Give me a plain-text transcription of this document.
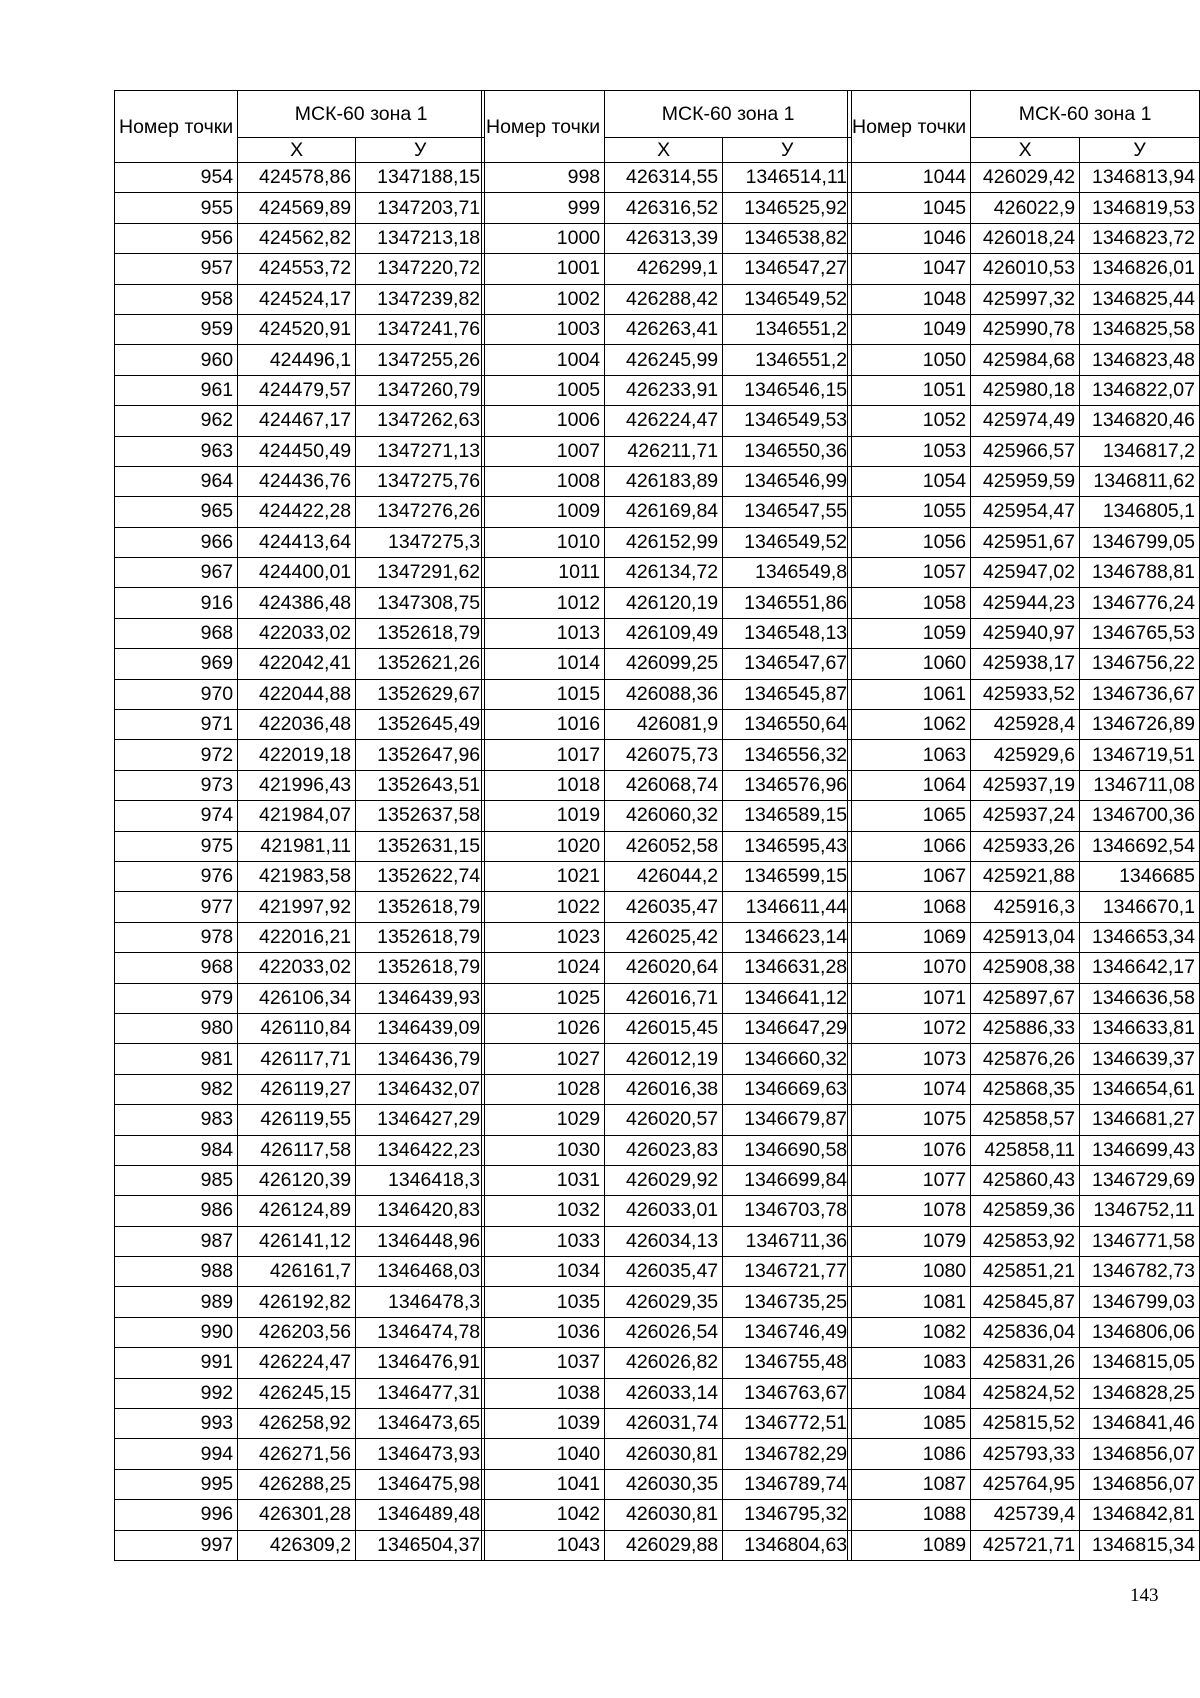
Номер точки	МСК-60 зона 1	
	Х	У
954	424578,86	1347188,15
955	424569,89	1347203,71
956	424562,82	1347213,18
957	424553,72	1347220,72
958	424524,17	1347239,82
959	424520,91	1347241,76
960	424496,1	1347255,26
961	424479,57	1347260,79
962	424467,17	1347262,63
963	424450,49	1347271,13
964	424436,76	1347275,76
965	424422,28	1347276,26
966	424413,64	1347275,3
967	424400,01	1347291,62
916	424386,48	1347308,75
968	422033,02	1352618,79
969	422042,41	1352621,26
970	422044,88	1352629,67
971	422036,48	1352645,49
972	422019,18	1352647,96
973	421996,43	1352643,51
974	421984,07	1352637,58
975	421981,11	1352631,15
976	421983,58	1352622,74
977	421997,92	1352618,79
978	422016,21	1352618,79
968	422033,02	1352618,79
979	426106,34	1346439,93
980	426110,84	1346439,09
981	426117,71	1346436,79
982	426119,27	1346432,07
983	426119,55	1346427,29
984	426117,58	1346422,23
985	426120,39	1346418,3
986	426124,89	1346420,83
987	426141,12	1346448,96
988	426161,7	1346468,03
989	426192,82	1346478,3
990	426203,56	1346474,78
991	426224,47	1346476,91
992	426245,15	1346477,31
993	426258,92	1346473,65
994	426271,56	1346473,93
995	426288,25	1346475,98
996	426301,28	1346489,48
997	426309,2	1346504,37
Номер точки	МСК-60 зона 1	
	Х	У
998	426314,55	1346514,11
999	426316,52	1346525,92
1000	426313,39	1346538,82
1001	426299,1	1346547,27
1002	426288,42	1346549,52
1003	426263,41	1346551,2
1004	426245,99	1346551,2
1005	426233,91	1346546,15
1006	426224,47	1346549,53
1007	426211,71	1346550,36
1008	426183,89	1346546,99
1009	426169,84	1346547,55
1010	426152,99	1346549,52
1011	426134,72	1346549,8
1012	426120,19	1346551,86
1013	426109,49	1346548,13
1014	426099,25	1346547,67
1015	426088,36	1346545,87
1016	426081,9	1346550,64
1017	426075,73	1346556,32
1018	426068,74	1346576,96
1019	426060,32	1346589,15
1020	426052,58	1346595,43
1021	426044,2	1346599,15
1022	426035,47	1346611,44
1023	426025,42	1346623,14
1024	426020,64	1346631,28
1025	426016,71	1346641,12
1026	426015,45	1346647,29
1027	426012,19	1346660,32
1028	426016,38	1346669,63
1029	426020,57	1346679,87
1030	426023,83	1346690,58
1031	426029,92	1346699,84
1032	426033,01	1346703,78
1033	426034,13	1346711,36
1034	426035,47	1346721,77
1035	426029,35	1346735,25
1036	426026,54	1346746,49
1037	426026,82	1346755,48
1038	426033,14	1346763,67
1039	426031,74	1346772,51
1040	426030,81	1346782,29
1041	426030,35	1346789,74
1042	426030,81	1346795,32
1043	426029,88	1346804,63
Номер точки	МСК-60 зона 1	
	Х	У
1044	426029,42	1346813,94
1045	426022,9	1346819,53
1046	426018,24	1346823,72
1047	426010,53	1346826,01
1048	425997,32	1346825,44
1049	425990,78	1346825,58
1050	425984,68	1346823,48
1051	425980,18	1346822,07
1052	425974,49	1346820,46
1053	425966,57	1346817,2
1054	425959,59	1346811,62
1055	425954,47	1346805,1
1056	425951,67	1346799,05
1057	425947,02	1346788,81
1058	425944,23	1346776,24
1059	425940,97	1346765,53
1060	425938,17	1346756,22
1061	425933,52	1346736,67
1062	425928,4	1346726,89
1063	425929,6	1346719,51
1064	425937,19	1346711,08
1065	425937,24	1346700,36
1066	425933,26	1346692,54
1067	425921,88	1346685
1068	425916,3	1346670,1
1069	425913,04	1346653,34
1070	425908,38	1346642,17
1071	425897,67	1346636,58
1072	425886,33	1346633,81
1073	425876,26	1346639,37
1074	425868,35	1346654,61
1075	425858,57	1346681,27
1076	425858,11	1346699,43
1077	425860,43	1346729,69
1078	425859,36	1346752,11
1079	425853,92	1346771,58
1080	425851,21	1346782,73
1081	425845,87	1346799,03
1082	425836,04	1346806,06
1083	425831,26	1346815,05
1084	425824,52	1346828,25
1085	425815,52	1346841,46
1086	425793,33	1346856,07
1087	425764,95	1346856,07
1088	425739,4	1346842,81
1089	425721,71	1346815,34
143
